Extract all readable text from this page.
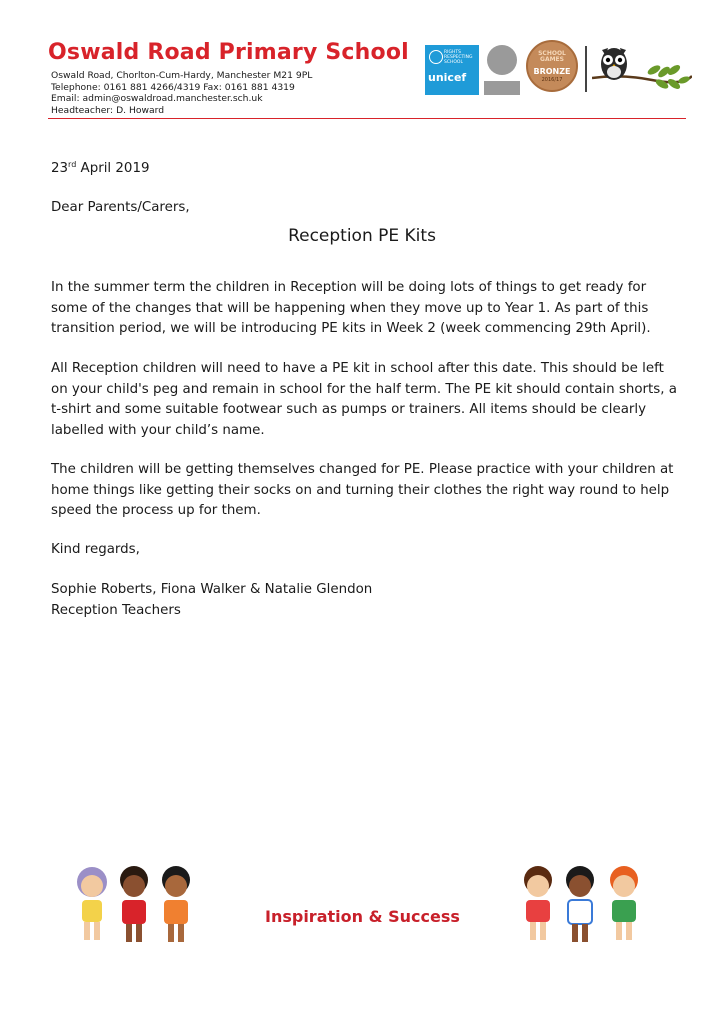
Oswald Road Primary School
Oswald Road, Chorlton-Cum-Hardy, Manchester M21 9PL
Telephone: 0161 881 4266/4319 Fax: 0161 881 4319
Email: admin@oswaldroad.manchester.sch.uk
Headteacher: D. Howard
RIGHTS RESPECTING SCHOOL
unicef
SCHOOL GAMES
BRONZE
2016/17
23rd April 2019
Dear Parents/Carers,
Reception PE Kits

In the summer term the children in Reception will be doing lots of things to get ready for some of the changes that will be happening when they move up to Year 1. As part of this transition period, we will be introducing PE kits in Week 2 (week commencing 29th April).

All Reception children will need to have a PE kit in school after this date. This should be left on your child's peg and remain in school for the half term. The PE kit should contain shorts, a t-shirt and some suitable footwear such as pumps or trainers. All items should be clearly labelled with your child’s name.

The children will be getting themselves changed for PE. Please practice with your children at home things like getting their socks on and turning their clothes the right way round to help speed the process up for them.

Kind regards,
Sophie Roberts, Fiona Walker & Natalie Glendon
Reception Teachers
Inspiration & Success
